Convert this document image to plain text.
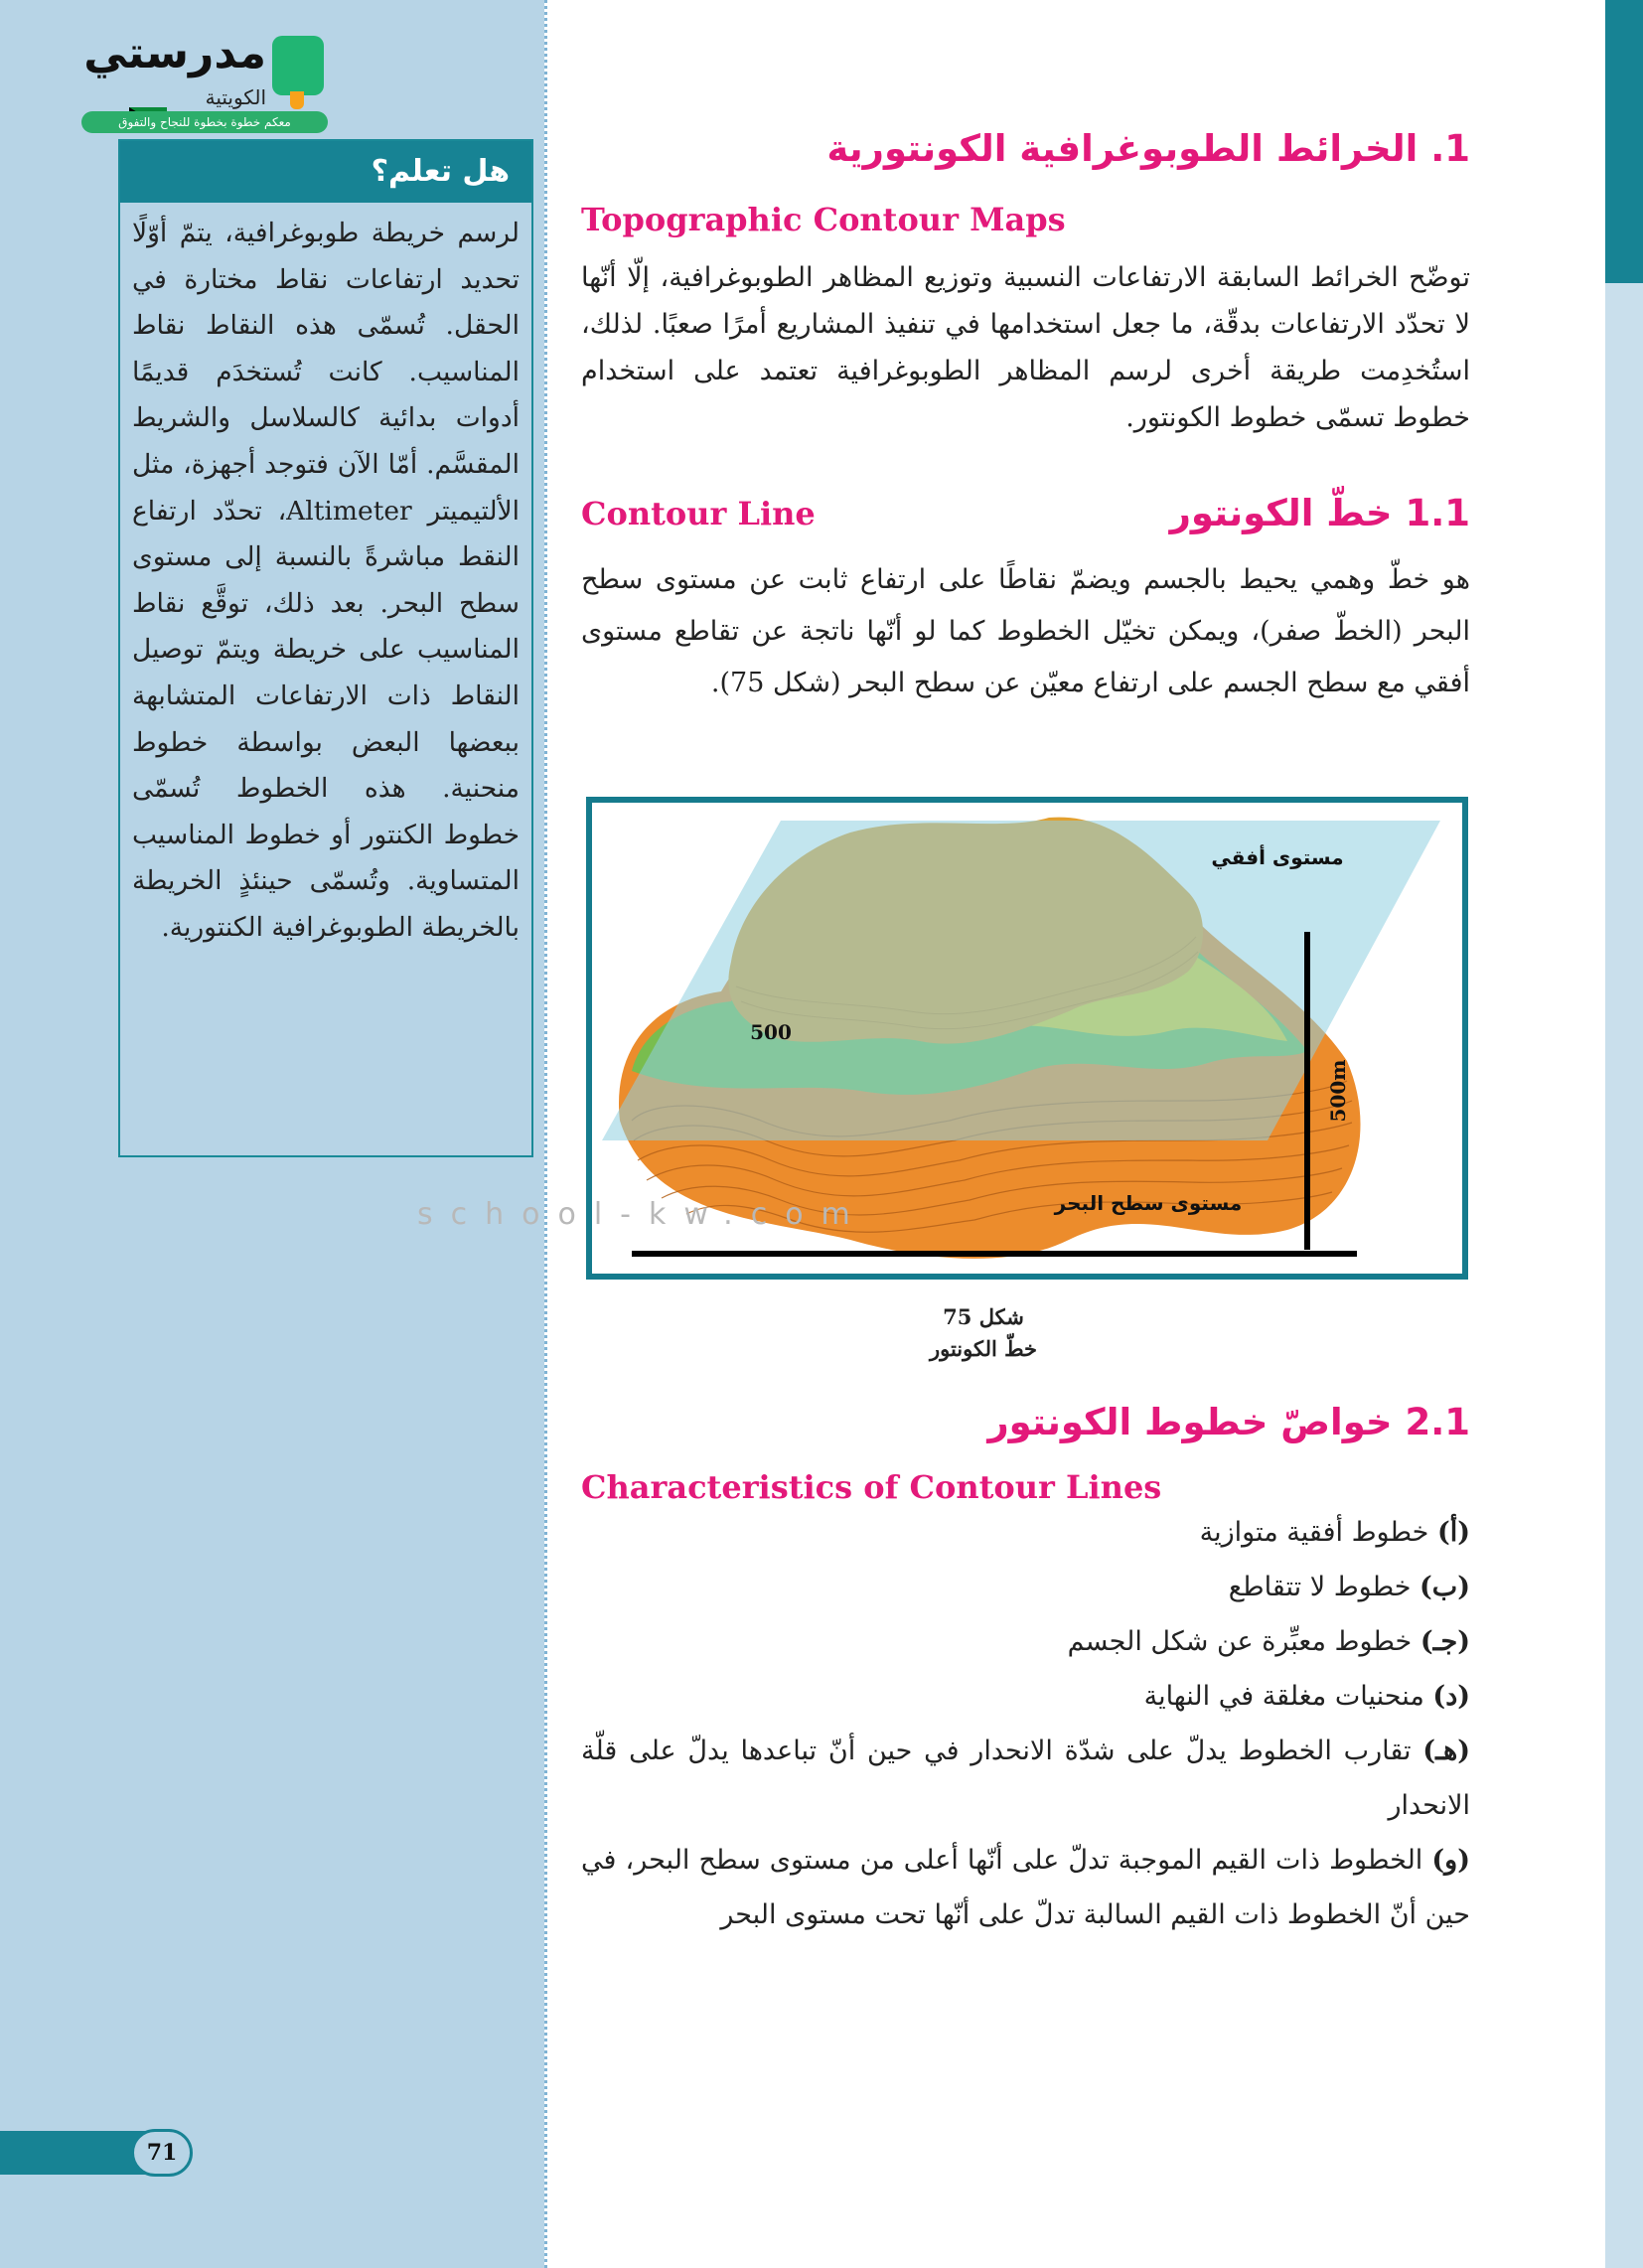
مدرستي
الكويتية
معكم خطوة بخطوة للنجاح والتفوق
هل تعلم؟
لرسم خريطة طوبوغرافية، يتمّ أوّلًا تحديد ارتفاعات نقاط مختارة في الحقل. تُسمّى هذه النقاط نقاط المناسيب. كانت تُستخدَم قديمًا أدوات بدائية كالسلاسل والشريط المقسَّم. أمّا الآن فتوجد أجهزة، مثل الألتيميتر Altimeter، تحدّد ارتفاع النقط مباشرةً بالنسبة إلى مستوى سطح البحر. بعد ذلك، توقَّع نقاط المناسيب على خريطة ويتمّ توصيل النقاط ذات الارتفاعات المتشابهة ببعضها البعض بواسطة خطوط منحنية. هذه الخطوط تُسمّى خطوط الكنتور أو خطوط المناسيب المتساوية. وتُسمّى حينئذٍ الخريطة بالخريطة الطوبوغرافية الكنتورية.
1. الخرائط الطوبوغرافية الكونتورية
Topographic Contour Maps
توضّح الخرائط السابقة الارتفاعات النسبية وتوزيع المظاهر الطوبوغرافية، إلّا أنّها لا تحدّد الارتفاعات بدقّة، ما جعل استخدامها في تنفيذ المشاريع أمرًا صعبًا. لذلك، استُخدِمت طريقة أخرى لرسم المظاهر الطوبوغرافية تعتمد على استخدام خطوط تسمّى خطوط الكونتور.
Contour Line	1.1 خطّ الكونتور
هو خطّ وهمي يحيط بالجسم ويضمّ نقاطًا على ارتفاع ثابت عن مستوى سطح البحر (الخطّ صفر)، ويمكن تخيّل الخطوط كما لو أنّها ناتجة عن تقاطع مستوى أفقي مع سطح الجسم على ارتفاع معيّن عن سطح البحر (شكل 75).
مستوى أفقي
500
500m
مستوى سطح البحر
شكل 75
خطّ الكونتور
school-kw.com
2.1 خواصّ خطوط الكونتور
Characteristics of Contour Lines
(أ) خطوط أفقية متوازية
(ب) خطوط لا تتقاطع
(جـ) خطوط معبِّرة عن شكل الجسم
(د) منحنيات مغلقة في النهاية
(هـ) تقارب الخطوط يدلّ على شدّة الانحدار في حين أنّ تباعدها يدلّ على قلّة الانحدار
(و) الخطوط ذات القيم الموجبة تدلّ على أنّها أعلى من مستوى سطح البحر، في حين أنّ الخطوط ذات القيم السالبة تدلّ على أنّها تحت مستوى البحر
71
